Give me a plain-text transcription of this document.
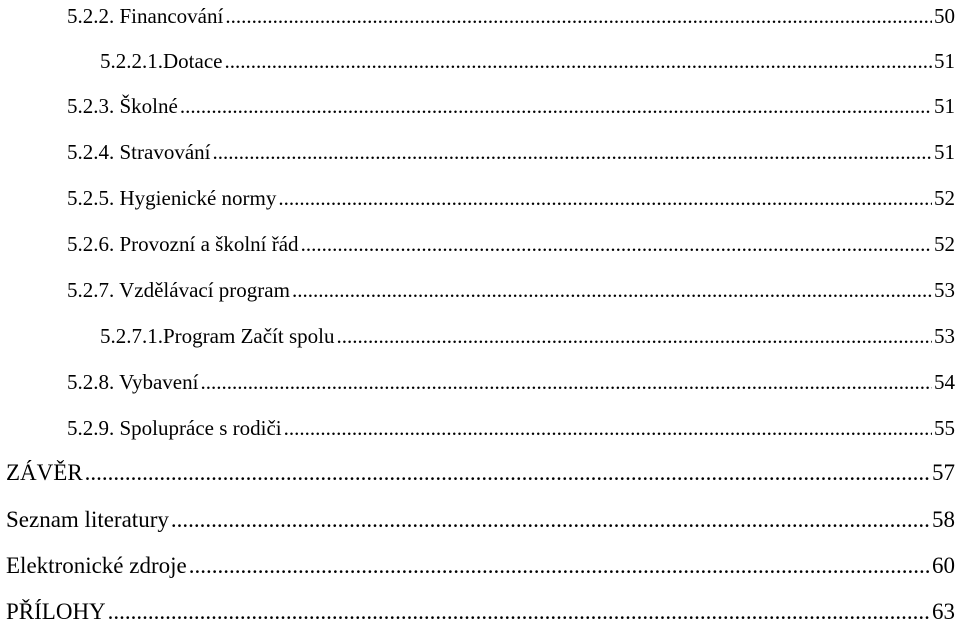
5.2.2. Financování .....	50
5.2.2.1.Dotace .....	51
5.2.3. Školné .....	51
5.2.4. Stravování .....	51
5.2.5. Hygienické normy .....	52
5.2.6. Provozní a školní řád .....	52
5.2.7. Vzdělávací program .....	53
5.2.7.1.Program Začít spolu .....	53
5.2.8. Vybavení .....	54
5.2.9. Spolupráce s rodiči .....	55
ZÁVĚR .....	57
Seznam literatury .....	58
Elektronické zdroje .....	60
PŘÍLOHY .....	63
